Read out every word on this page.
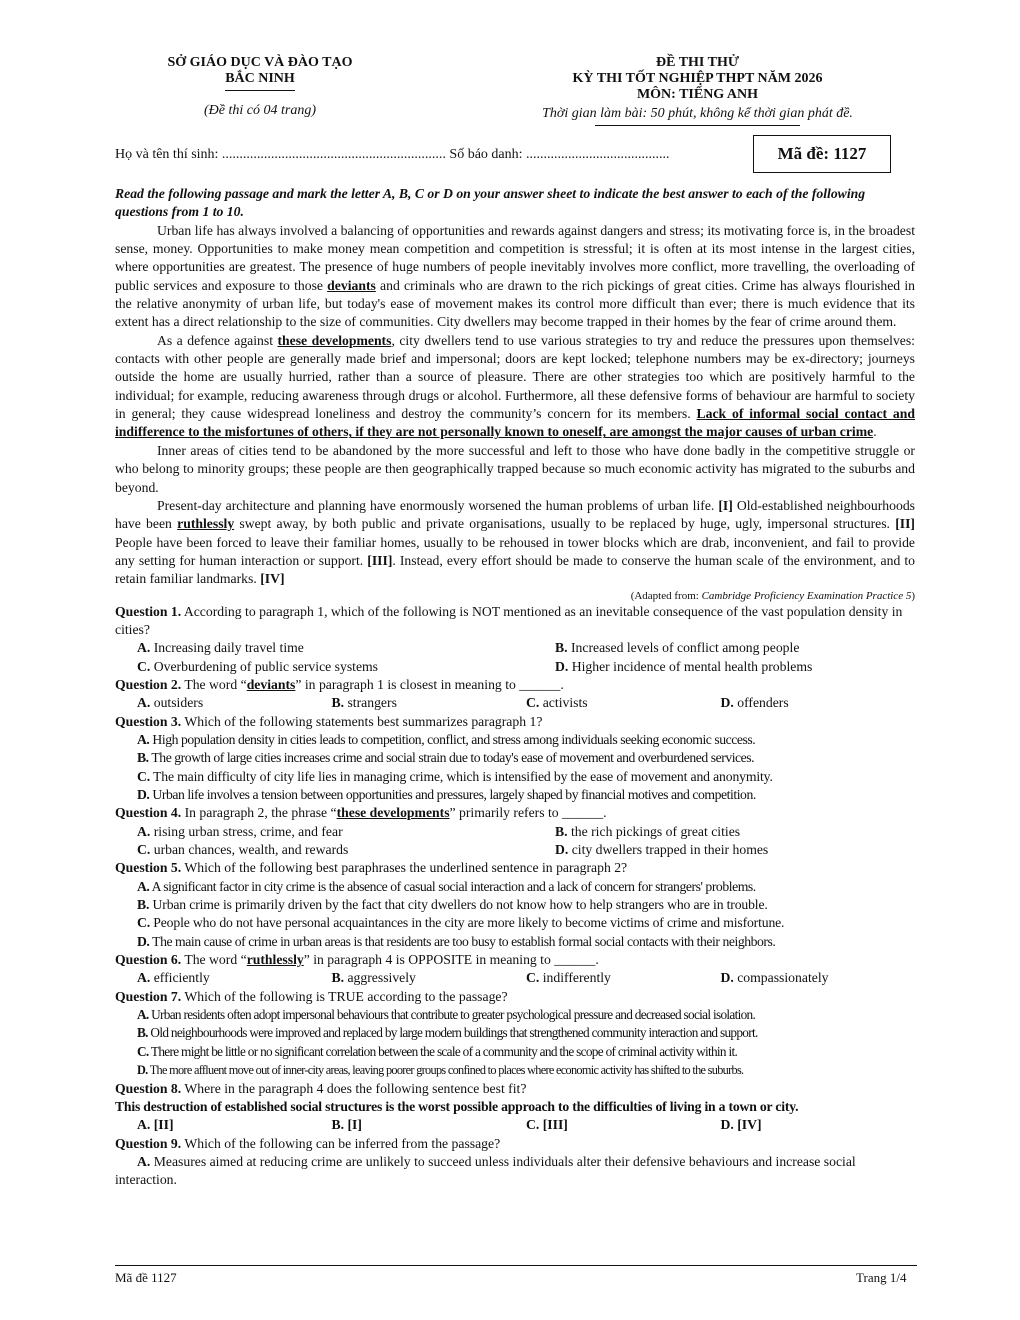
SỞ GIÁO DỤC VÀ ĐÀO TẠO
BẮC NINH
(Đề thi có 04 trang)
ĐỀ THI THỬ
KỲ THI TỐT NGHIỆP THPT NĂM 2026
MÔN: TIẾNG ANH
Thời gian làm bài: 50 phút, không kể thời gian phát đề.
Họ và tên thí sinh: ................................................................ Số báo danh: .........................................	Mã đề: 1127

Read the following passage and mark the letter A, B, C or D on your answer sheet to indicate the best answer to each of the following questions from 1 to 10.

Urban life has always involved a balancing of opportunities and rewards against dangers and stress; its motivating force is, in the broadest sense, money. Opportunities to make money mean competition and competition is stressful; it is often at its most intense in the largest cities, where opportunities are greatest. The presence of huge numbers of people inevitably involves more conflict, more travelling, the overloading of public services and exposure to those deviants and criminals who are drawn to the rich pickings of great cities. Crime has always flourished in the relative anonymity of urban life, but today's ease of movement makes its control more difficult than ever; there is much evidence that its extent has a direct relationship to the size of communities. City dwellers may become trapped in their homes by the fear of crime around them.

As a defence against these developments, city dwellers tend to use various strategies to try and reduce the pressures upon themselves: contacts with other people are generally made brief and impersonal; doors are kept locked; telephone numbers may be ex-directory; journeys outside the home are usually hurried, rather than a source of pleasure. There are other strategies too which are positively harmful to the individual; for example, reducing awareness through drugs or alcohol. Furthermore, all these defensive forms of behaviour are harmful to society in general; they cause widespread loneliness and destroy the community’s concern for its members. Lack of informal social contact and indifference to the misfortunes of others, if they are not personally known to oneself, are amongst the major causes of urban crime.

Inner areas of cities tend to be abandoned by the more successful and left to those who have done badly in the competitive struggle or who belong to minority groups; these people are then geographically trapped because so much economic activity has migrated to the suburbs and beyond.

Present-day architecture and planning have enormously worsened the human problems of urban life. [I] Old-established neighbourhoods have been ruthlessly swept away, by both public and private organisations, usually to be replaced by huge, ugly, impersonal structures. [II] People have been forced to leave their familiar homes, usually to be rehoused in tower blocks which are drab, inconvenient, and fail to provide any setting for human interaction or support. [III]. Instead, every effort should be made to conserve the human scale of the environment, and to retain familiar landmarks. [IV]

(Adapted from: Cambridge Proficiency Examination Practice 5)

Question 1. According to paragraph 1, which of the following is NOT mentioned as an inevitable consequence of the vast population density in cities?

A. Increasing daily travel time	B. Increased levels of conflict among people
C. Overburdening of public service systems	D. Higher incidence of mental health problems

Question 2. The word “deviants” in paragraph 1 is closest in meaning to ______.

A. outsiders	B. strangers	C. activists	D. offenders

Question 3. Which of the following statements best summarizes paragraph 1?

A. High population density in cities leads to competition, conflict, and stress among individuals seeking economic success.
B. The growth of large cities increases crime and social strain due to today's ease of movement and overburdened services.
C. The main difficulty of city life lies in managing crime, which is intensified by the ease of movement and anonymity.
D. Urban life involves a tension between opportunities and pressures, largely shaped by financial motives and competition.

Question 4. In paragraph 2, the phrase “these developments” primarily refers to ______.

A. rising urban stress, crime, and fear	B. the rich pickings of great cities
C. urban chances, wealth, and rewards	D. city dwellers trapped in their homes

Question 5. Which of the following best paraphrases the underlined sentence in paragraph 2?

A. A significant factor in city crime is the absence of casual social interaction and a lack of concern for strangers' problems.
B. Urban crime is primarily driven by the fact that city dwellers do not know how to help strangers who are in trouble.
C. People who do not have personal acquaintances in the city are more likely to become victims of crime and misfortune.
D. The main cause of crime in urban areas is that residents are too busy to establish formal social contacts with their neighbors.

Question 6. The word “ruthlessly” in paragraph 4 is OPPOSITE in meaning to ______.

A. efficiently	B. aggressively	C. indifferently	D. compassionately

Question 7. Which of the following is TRUE according to the passage?

A. Urban residents often adopt impersonal behaviours that contribute to greater psychological pressure and decreased social isolation.
B. Old neighbourhoods were improved and replaced by large modern buildings that strengthened community interaction and support.
C. There might be little or no significant correlation between the scale of a community and the scope of criminal activity within it.
D. The more affluent move out of inner-city areas, leaving poorer groups confined to places where economic activity has shifted to the suburbs.

Question 8. Where in the paragraph 4 does the following sentence best fit?

This destruction of established social structures is the worst possible approach to the difficulties of living in a town or city.

A. [II]	B. [I]	C. [III]	D. [IV]

Question 9. Which of the following can be inferred from the passage?

A. Measures aimed at reducing crime are unlikely to succeed unless individuals alter their defensive behaviours and increase social interaction.
Mã đề 1127	Trang 1/4
